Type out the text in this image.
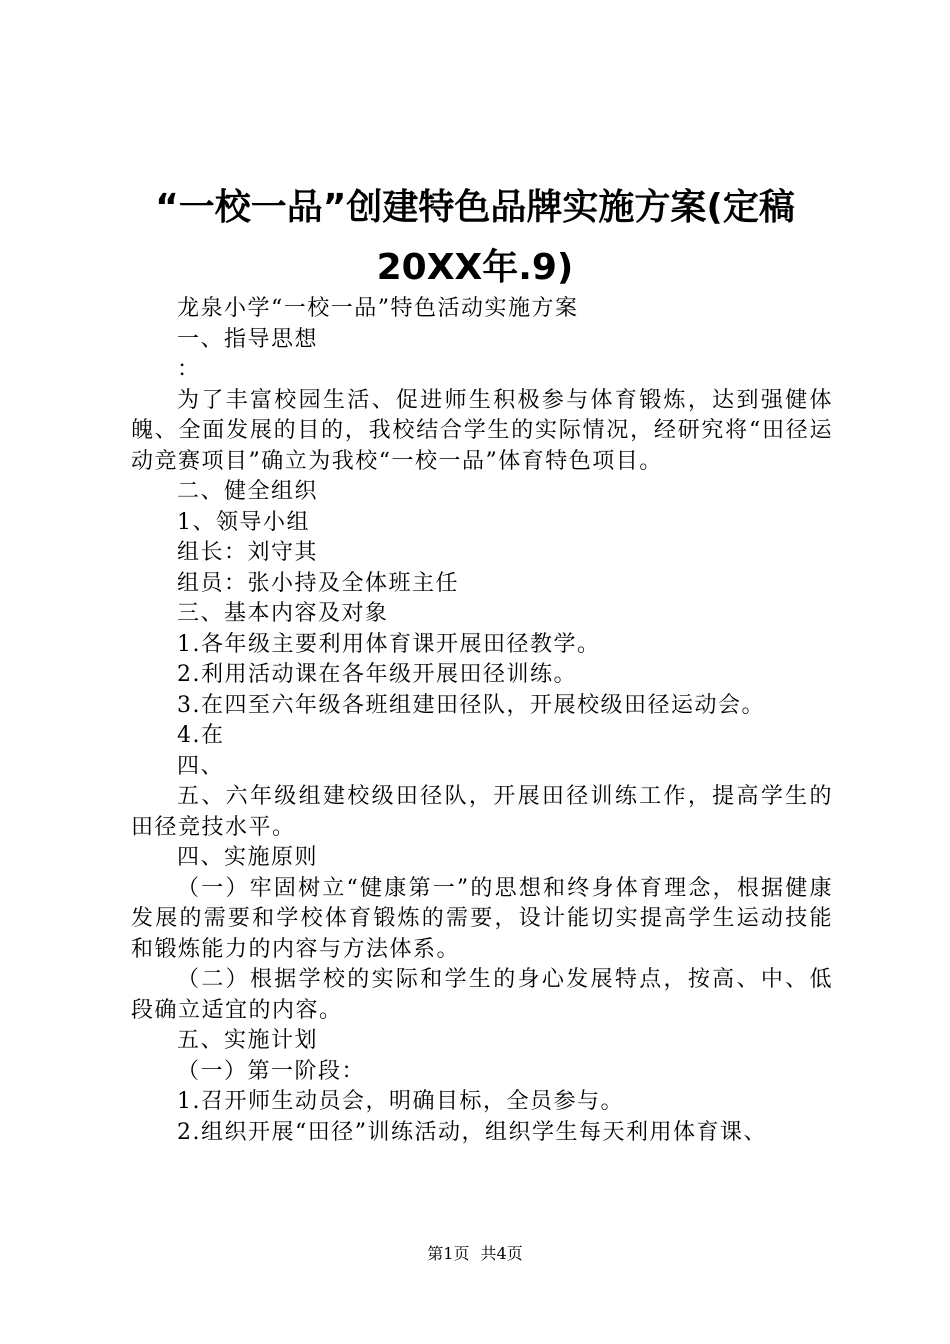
“一校一品”创建特色品牌实施方案(定稿
20XX年.9)

龙泉小学“一校一品”特色活动实施方案

一、指导思想

：

为了丰富校园生活、促进师生积极参与体育锻炼，达到强健体魄、全面发展的目的，我校结合学生的实际情况，经研究将“田径运动竞赛项目”确立为我校“一校一品”体育特色项目。

二、健全组织

1、领导小组

组长：刘守其

组员：张小持及全体班主任

三、基本内容及对象

1.各年级主要利用体育课开展田径教学。

2.利用活动课在各年级开展田径训练。

3.在四至六年级各班组建田径队，开展校级田径运动会。

4.在

四、

五、六年级组建校级田径队，开展田径训练工作，提高学生的田径竞技水平。

四、实施原则

（一）牢固树立“健康第一”的思想和终身体育理念，根据健康发展的需要和学校体育锻炼的需要，设计能切实提高学生运动技能和锻炼能力的内容与方法体系。

（二）根据学校的实际和学生的身心发展特点，按高、中、低段确立适宜的内容。

五、实施计划

（一）第一阶段：

1.召开师生动员会，明确目标，全员参与。

2.组织开展“田径”训练活动，组织学生每天利用体育课、

第1页 共4页
